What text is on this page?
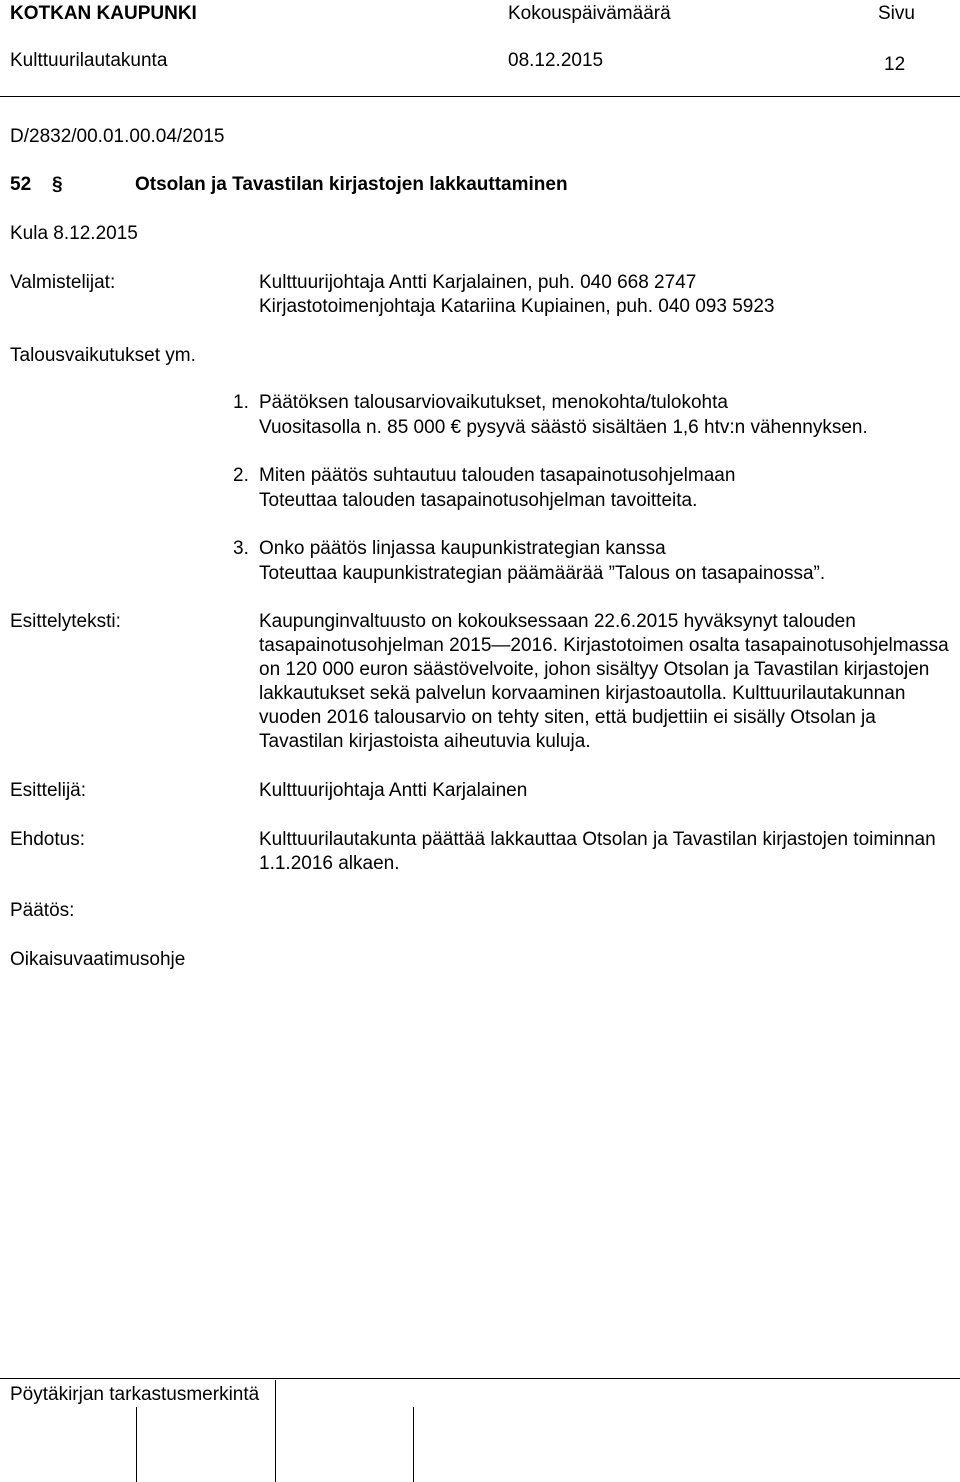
KOTKAN KAUPUNKI	Kokouspäivämäärä	Sivu
Kulttuurilautakunta	08.12.2015	12
D/2832/00.01.00.04/2015
52 §	Otsolan ja Tavastilan kirjastojen lakkauttaminen
Kula 8.12.2015
Valmistelijat:	Kulttuurijohtaja Antti Karjalainen, puh. 040 668 2747
Kirjastotoimenjohtaja Katariina Kupiainen, puh. 040 093 5923
Talousvaikutukset ym.
1. Päätöksen talousarviovaikutukset, menokohta/tulokohta
Vuositasolla n. 85 000 € pysyvä säästö sisältäen 1,6 htv:n vähennyksen.
2. Miten päätös suhtautuu talouden tasapainotusohjelmaan
Toteuttaa talouden tasapainotusohjelman tavoitteita.
3. Onko päätös linjassa kaupunkistrategian kanssa
Toteuttaa kaupunkistrategian päämäärää ”Talous on tasapainossa”.
Esittelyteksti:	Kaupunginvaltuusto on kokouksessaan 22.6.2015 hyväksynyt talouden tasapainotusohjelman 2015—2016. Kirjastotoimen osalta tasapainotusohjelmassa on 120 000 euron säästövelvoite, johon sisältyy Otsolan ja Tavastilan kirjastojen lakkautukset sekä palvelun korvaaminen kirjastoautolla. Kulttuurilautakunnan vuoden 2016 talousarvio on tehty siten, että budjettiin ei sisälly Otsolan ja Tavastilan kirjastoista aiheutuvia kuluja.
Esittelijä:	Kulttuurijohtaja Antti Karjalainen
Ehdotus:	Kulttuurilautakunta päättää lakkauttaa Otsolan ja Tavastilan kirjastojen toiminnan 1.1.2016 alkaen.
Päätös:
Oikaisuvaatimusohje
Pöytäkirjan tarkastusmerkintä
